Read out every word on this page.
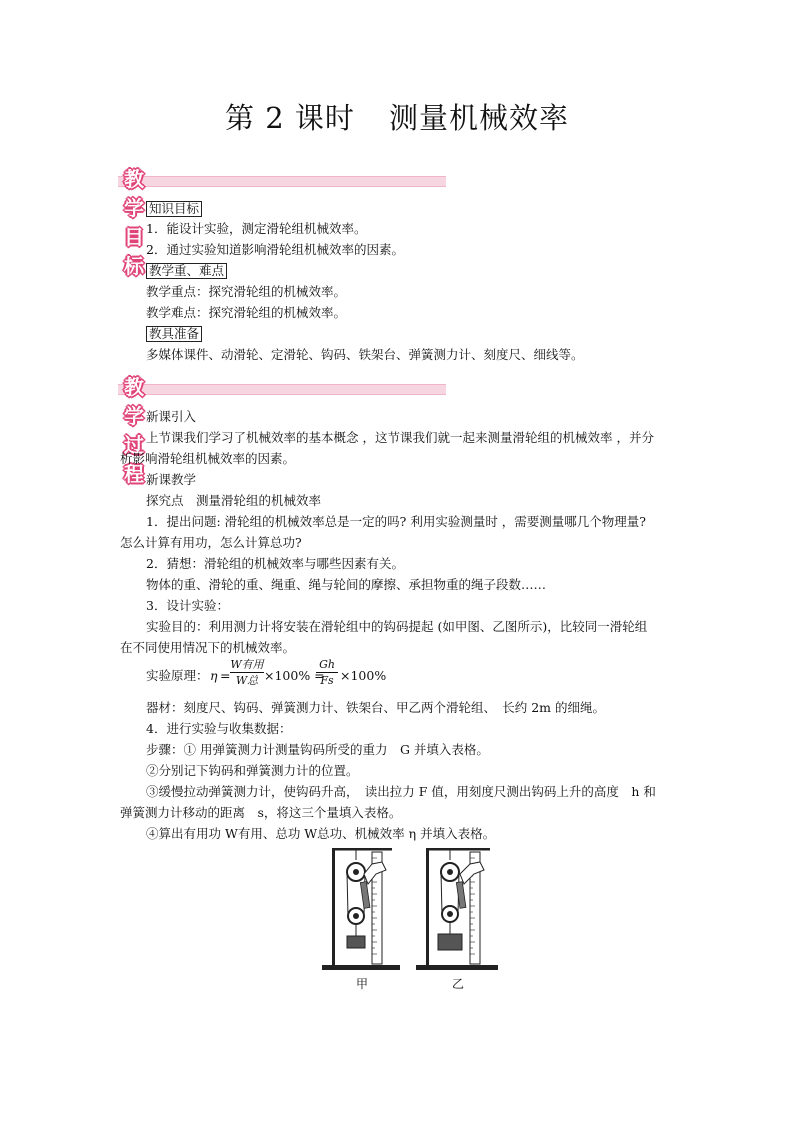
第 2 课时 测量机械效率
教学目标
知识目标
1．能设计实验，测定滑轮组机械效率。
2．通过实验知道影响滑轮组机械效率的因素。
教学重、难点
教学重点：探究滑轮组的机械效率。
教学难点：探究滑轮组的机械效率。
教具准备
多媒体课件、动滑轮、定滑轮、钩码、铁架台、弹簧测力计、刻度尺、细线等。
教学过程
新课引入
上节课我们学习了机械效率的基本概念 ，这节课我们就一起来测量滑轮组的机械效率 ，并分
析影响滑轮组机械效率的因素。
新课教学
探究点　测量滑轮组的机械效率
1．提出问题: 滑轮组的机械效率总是一定的吗? 利用实验测量时 ，需要测量哪几个物理量?
怎么计算有用功，怎么计算总功?
2．猜想：滑轮组的机械效率与哪些因素有关。
物体的重、滑轮的重、绳重、绳与轮间的摩擦、承担物重的绳子段数……
3．设计实验：
实验目的：利用测力计将安装在滑轮组中的钩码提起 (如甲图、乙图所示)，比较同一滑轮组
在不同使用情况下的机械效率。
实验原理： η =
W有用
W总 ×100% =
Gh
Fs ×100%
器材：刻度尺、钩码、弹簧测力计、铁架台、甲乙两个滑轮组、　长约 2m 的细绳。
4．进行实验与收集数据：
步骤：① 用弹簧测力计测量钩码所受的重力　G 并填入表格。
②分别记下钩码和弹簧测力计的位置。
③缓慢拉动弹簧测力计，使钩码升高，　读出拉力 F 值，用刻度尺测出钩码上升的高度　h 和
弹簧测力计移动的距离　s，将这三个量填入表格。
④算出有用功 W有用、总功 W总功、机械效率 η 并填入表格。
甲	乙
